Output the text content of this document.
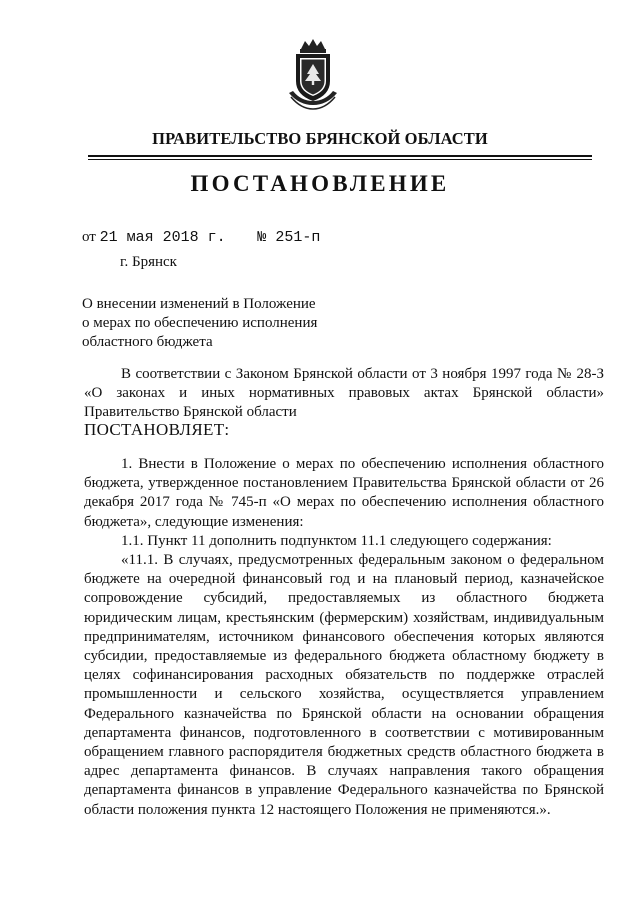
ПРАВИТЕЛЬСТВО БРЯНСКОЙ ОБЛАСТИ
ПОСТАНОВЛЕНИЕ
от 21 мая 2018 г. № 251-п
г. Брянск
О внесении изменений в Положение
о мерах по обеспечению исполнения
областного бюджета
В соответствии с Законом Брянской области от 3 ноября 1997 года № 28-З «О законах и иных нормативных правовых актах Брянской области» Правительство Брянской области
ПОСТАНОВЛЯЕТ:
1. Внести в Положение о мерах по обеспечению исполнения областного бюджета, утвержденное постановлением Правительства Брянской области от 26 декабря 2017 года № 745-п «О мерах по обеспечению исполнения областного бюджета», следующие изменения:
1.1. Пункт 11 дополнить подпунктом 11.1 следующего содержания:
«11.1. В случаях, предусмотренных федеральным законом о федеральном бюджете на очередной финансовый год и на плановый период, казначейское сопровождение субсидий, предоставляемых из областного бюджета юридическим лицам, крестьянским (фермерским) хозяйствам, индивидуальным предпринимателям, источником финансового обеспечения которых являются субсидии, предоставляемые из федерального бюджета областному бюджету в целях софинансирования расходных обязательств по поддержке отраслей промышленности и сельского хозяйства, осуществляется управлением Федерального казначейства по Брянской области на основании обращения департамента финансов, подготовленного в соответствии с мотивированным обращением главного распорядителя бюджетных средств областного бюджета в адрес департамента финансов. В случаях направления такого обращения департамента финансов в управление Федерального казначейства по Брянской области положения пункта 12 настоящего Положения не применяются.».
